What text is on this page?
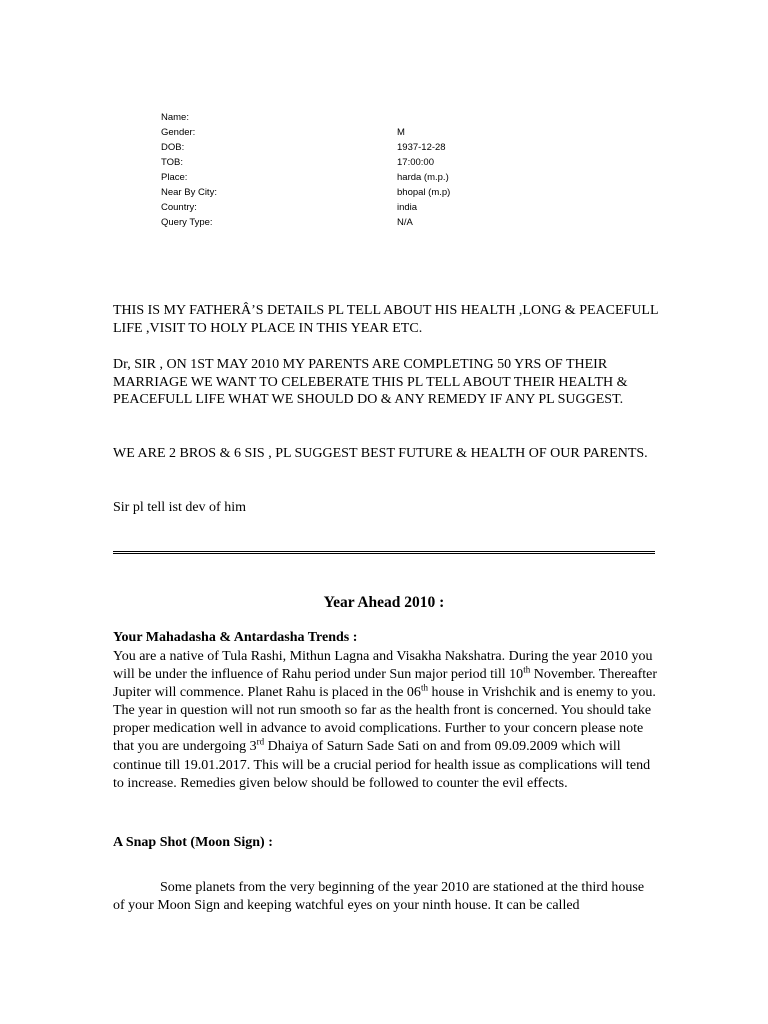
Name:
Gender:	M
DOB:	1937-12-28
TOB:	17:00:00
Place:	harda (m.p.)
Near By City:	bhopal (m.p)
Country:	india
Query Type:	N/A

THIS IS MY FATHERÂ’S DETAILS PL TELL ABOUT HIS HEALTH ,LONG & PEACEFULL LIFE ,VISIT TO HOLY PLACE IN THIS YEAR ETC.

Dr, SIR , ON 1ST MAY 2010 MY PARENTS ARE COMPLETING 50 YRS OF THEIR MARRIAGE WE WANT TO CELEBERATE THIS PL TELL ABOUT THEIR HEALTH & PEACEFULL LIFE WHAT WE SHOULD DO & ANY REMEDY IF ANY PL SUGGEST.

WE ARE 2 BROS & 6 SIS , PL SUGGEST BEST FUTURE & HEALTH OF OUR PARENTS.

Sir pl tell ist dev of him

Year Ahead 2010 :
Your Mahadasha & Antardasha Trends :

You are a native of Tula Rashi, Mithun Lagna and Visakha Nakshatra. During the year 2010 you will be under the influence of Rahu period under Sun major period till 10th November. Thereafter Jupiter will commence. Planet Rahu is placed in the 06th house in Vrishchik and is enemy to you. The year in question will not run smooth so far as the health front is concerned. You should take proper medication well in advance to avoid complications. Further to your concern please note that you are undergoing 3rd Dhaiya of Saturn Sade Sati on and from 09.09.2009 which will continue till 19.01.2017. This will be a crucial period for health issue as complications will tend to increase. Remedies given below should be followed to counter the evil effects.

A Snap Shot (Moon Sign) :

Some planets from the very beginning of the year 2010 are stationed at the third house of your Moon Sign and keeping watchful eyes on your ninth house. It can be called
